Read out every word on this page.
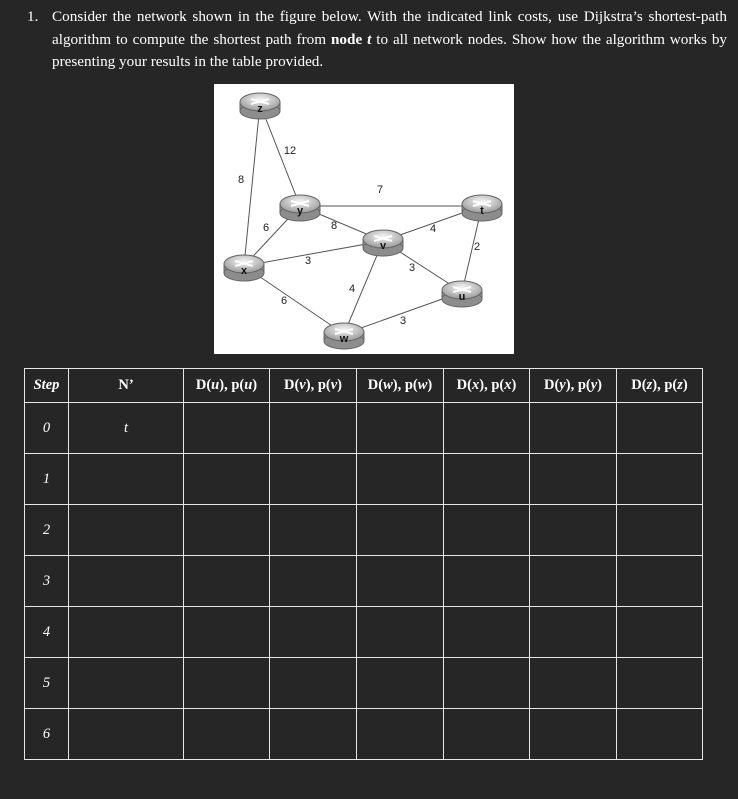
1. Consider the network shown in the figure below. With the indicated link costs, use Dijkstra’s shortest-path algorithm to compute the shortest path from node t to all network nodes. Show how the algorithm works by presenting your results in the table provided.
12
8
7
6	8	4
3
4
3
2
6
3
z
y	t
v
x
u
w
Step	N’	D(u), p(u)	D(v), p(v)	D(w), p(w)	D(x), p(x)	D(y), p(y)	D(z), p(z)
0	t						
1							
2							
3							
4							
5							
6							
